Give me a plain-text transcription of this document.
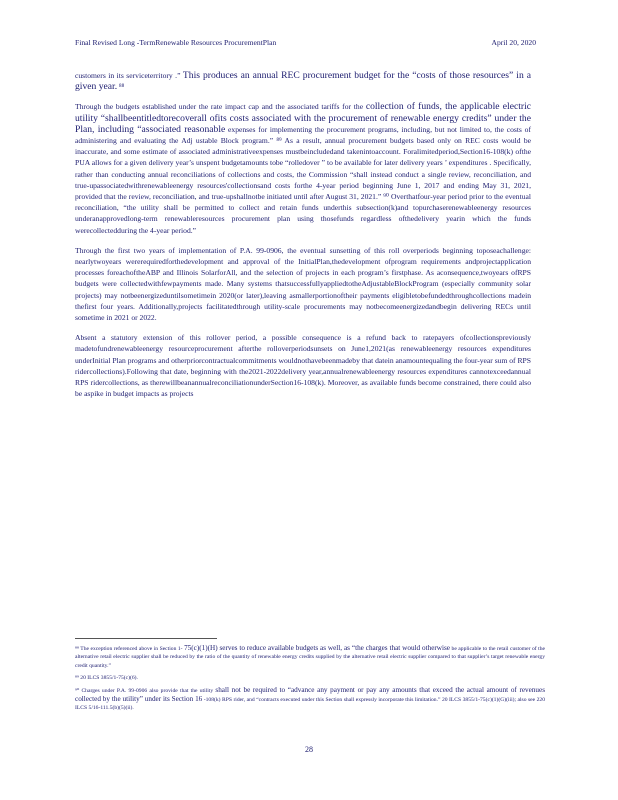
Final Revised Long -TermRenewable Resources ProcurementPlan	April 20, 2020

customers in its serviceterritory .” This produces an annual REC procurement budget for the “costs of those resources” in a given year. ⁸⁸

Through the budgets established under the rate impact cap and the associated tariffs for the collection of funds, the applicable electric utility “shallbeentitledtorecoverall ofits costs associated with the procurement of renewable energy credits” under the Plan, including “associated reasonable expenses for implementing the procurement programs, including, but not limited to, the costs of administering and evaluating the Adj ustable Block program.” ⁸⁹ As a result, annual procurement budgets based only on REC costs would be inaccurate, and some estimate of associated administrativeexpenses mustbeincludedand takenintoaccount. Foralimitedperiod,Section16-108(k) ofthe PUA allows for a given delivery year’s unspent budgetamounts tobe “rolledover ” to be available for later delivery years ’ expenditures . Specifically, rather than conducting annual reconciliations of collections and costs, the Commission “shall instead conduct a single review, reconciliation, and true-upassociatedwithrenewableenergy resources'collectionsand costs forthe 4-year period beginning June 1, 2017 and ending May 31, 2021, provided that the review, reconciliation, and true-upshallnotbe initiated until after August 31, 2021.” ⁹⁰ Overthatfour-year period prior to the eventual reconciliation, “the utility shall be permitted to collect and retain funds underthis subsection(k)and topurchaserenewableenergy resources underanapprovedlong-term renewableresources procurement plan using thosefunds regardless ofthedelivery yearin which the funds werecollectedduring the 4-year period.”

Through the first two years of implementation of P.A. 99-0906, the eventual sunsetting of this roll overperiods beginning toposeachallenge: nearlytwoyears wererequiredforthedevelopment and approval of the InitialPlan,thedevelopment ofprogram requirements andprojectapplication processes foreachoftheABP and Illinois SolarforAll, and the selection of projects in each program’s firstphase. As aconsequence,twoyears ofRPS budgets were collectedwithfewpayments made. Many systems thatsuccessfullyappliedtotheAdjustableBlockProgram (especially community solar projects) may notbeenergizeduntilsometimein 2020(or later),leaving asmallerportionoftheir payments eligibletobefundedthroughcollections madein thefirst four years. Additionally,projects facilitatedthrough utility-scale procurements may notbecomeenergizedandbegin delivering RECs until sometime in 2021 or 2022.

Absent a statutory extension of this rollover period, a possible consequence is a refund back to ratepayers ofcollectionspreviously madetofundrenewableenergy resourceprocurement afterthe rolloverperiodsunsets on June1,2021(as renewableenergy resources expenditures underInitial Plan programs and otherpriorcontractualcommitments wouldnothavebeenmadeby that datein anamountequaling the four-year sum of RPS ridercollections).Following that date, beginning with the2021-2022delivery year,annualrenewableenergy resources expenditures cannotexceedannual RPS ridercollections, as therewillbeanannualreconciliationunderSection16-108(k). Moreover, as available funds become constrained, there could also be aspike in budget impacts as projects

⁸⁸ The exception referenced above in Section 1- 75(c)(1)(H) serves to reduce available budgets as well, as “the charges that would otherwise be applicable to the retail customer of the alternative retail electric supplier shall be reduced by the ratio of the quantity of renewable energy credits supplied by the alternative retail electric supplier compared to that supplier’s target renewable energy credit quantity.”

⁸⁹ 20 ILCS 3855/1-75(c)(6).

⁹⁰ Charges under P.A. 99-0906 also provide that the utility shall not be required to “advance any payment or pay any amounts that exceed the actual amount of revenues collected by the utility” under its Section 16 -108(k) RPS rider, and “contracts executed under this Section shall expressly incorporate this limitation.” 20 ILCS 3855/1-75(c)(1)(G)(iii); also see 220 ILCS 5/16-111.5(b)(5)(ii).

28
